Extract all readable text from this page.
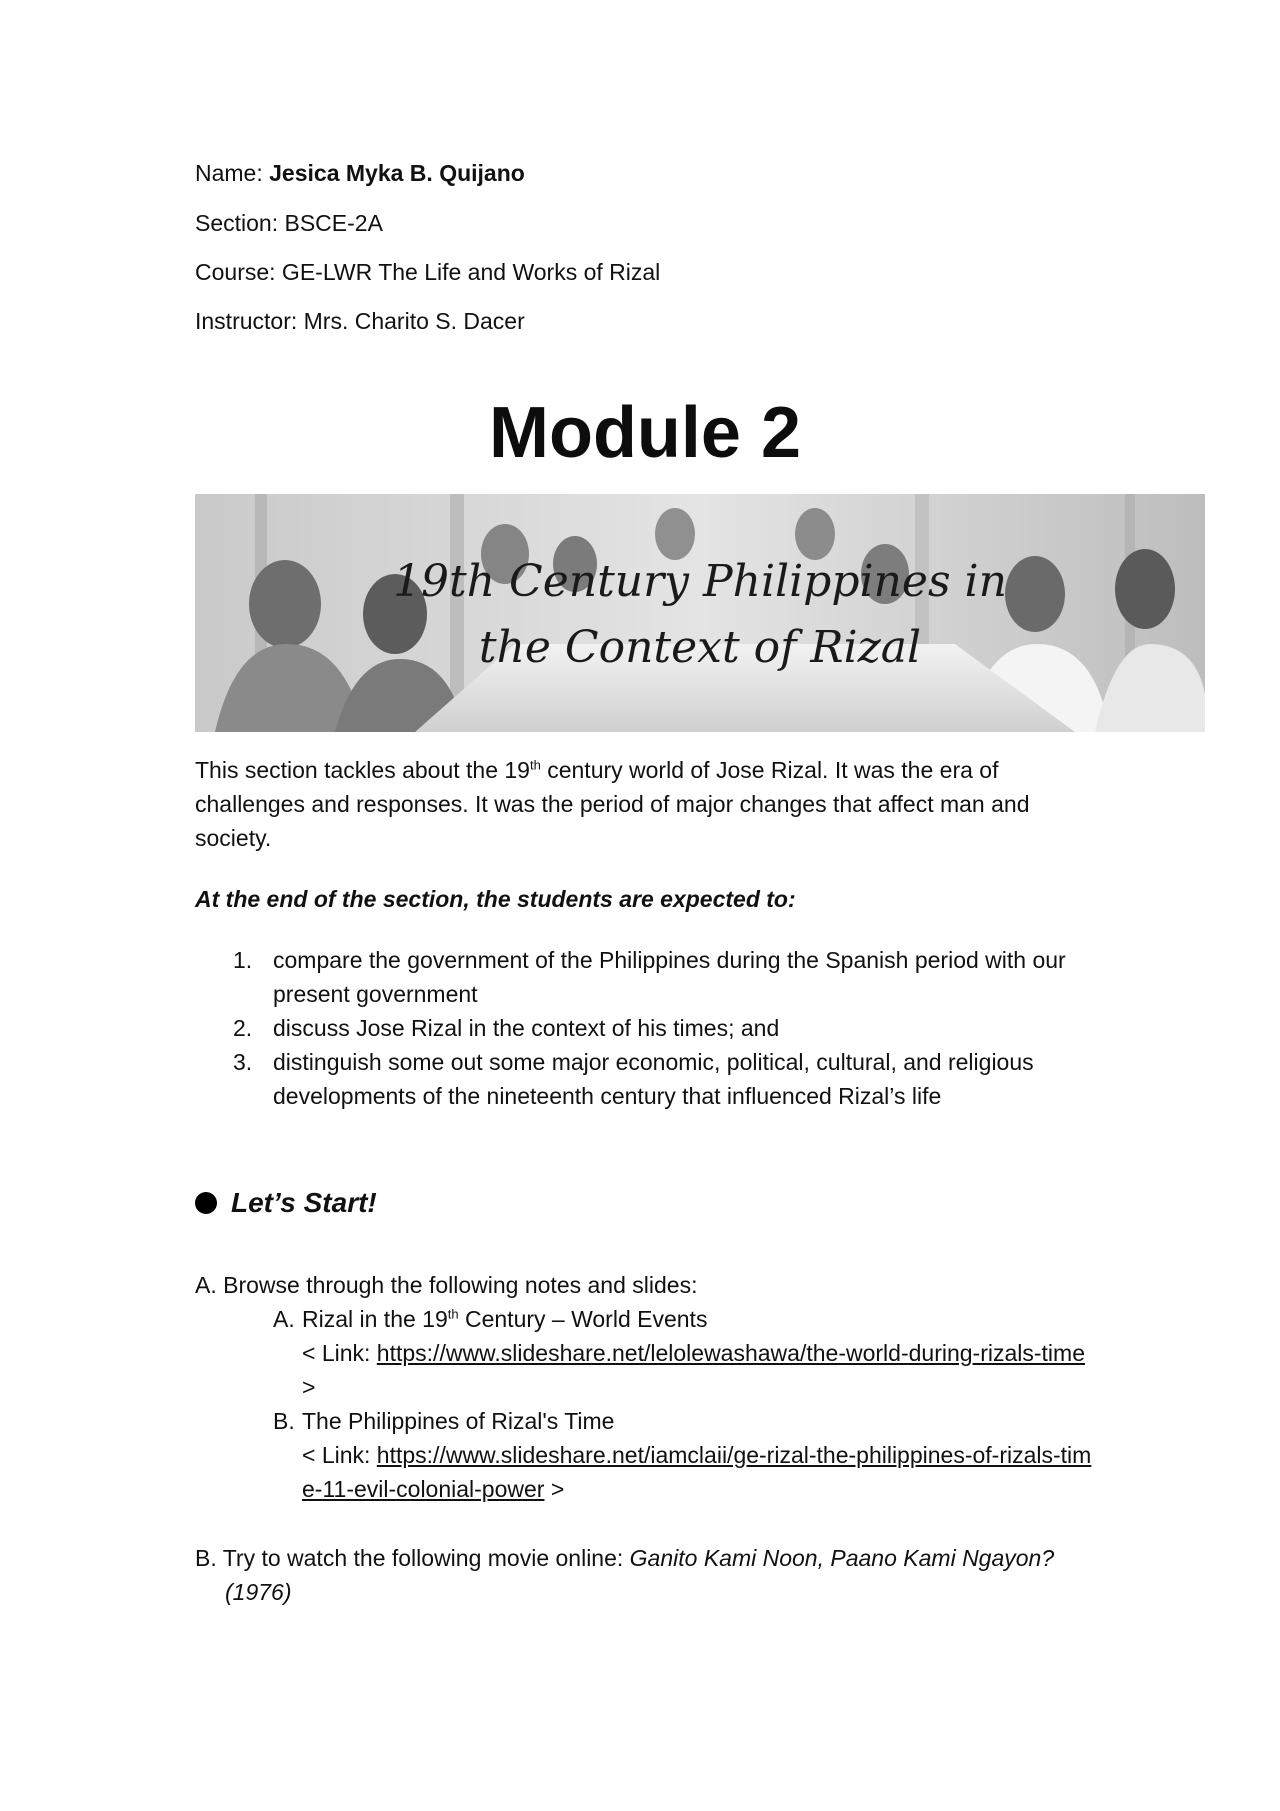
Name: Jesica Myka B. Quijano
Section: BSCE-2A
Course: GE-LWR The Life and Works of Rizal
Instructor: Mrs. Charito S. Dacer
Module 2
19th Century Philippines in
the Context of Rizal
This section tackles about the 19th century world of Jose Rizal. It was the era of challenges and responses. It was the period of major changes that affect man and society.
At the end of the section, the students are expected to:
1. compare the government of the Philippines during the Spanish period with our present government
2. discuss Jose Rizal in the context of his times; and
3. distinguish some out some major economic, political, cultural, and religious developments of the nineteenth century that influenced Rizal’s life
Let’s Start!
A. Browse through the following notes and slides:
A. Rizal in the 19th Century – World Events
< Link: https://www.slideshare.net/lelolewashawa/the-world-during-rizals-time >
B. The Philippines of Rizal's Time
< Link: https://www.slideshare.net/iamclaii/ge-rizal-the-philippines-of-rizals-time-11-evil-colonial-power >
B. Try to watch the following movie online: Ganito Kami Noon, Paano Kami Ngayon?
(1976)
